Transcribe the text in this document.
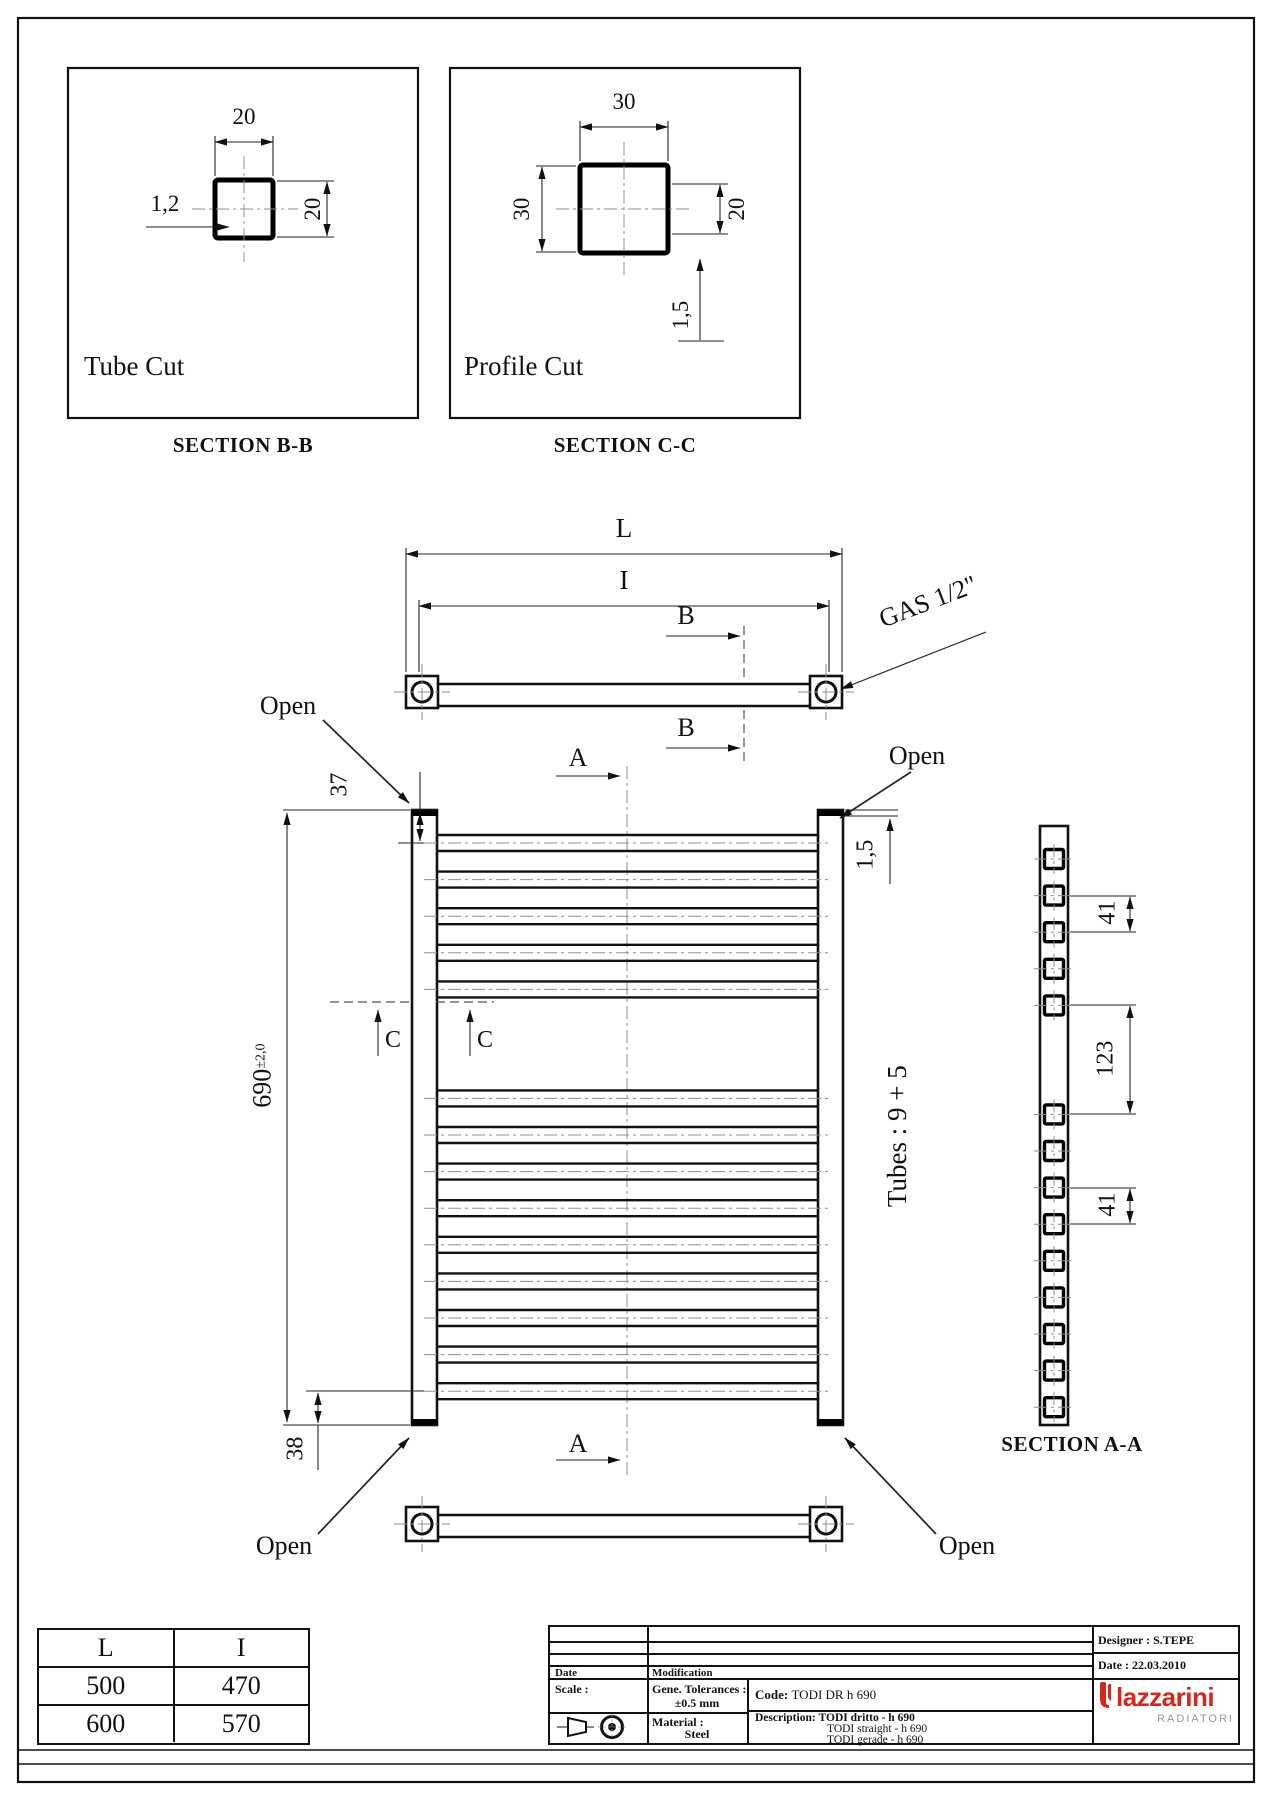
20
20
1,2
Tube Cut
SECTION B-B
30
30	20
1,5
Profile Cut
SECTION C-C
L
I
B
B
GAS 1/2"
Open
Open
A
A
C	C
$690^{\pm 2,0}$
37
38
1,5
Tubes : 9 + 5
Open	Open
41
123
41
SECTION A-A
L	I
500	470
600	570
Date	Modification
Scale :	Gene. Tolerances :
±0.5 mm
Material :
Steel
Code: TODI DR h 690
Description: TODI dritto - h 690
TODI straight - h 690
TODI gerade - h 690
Designer : S.TEPE
Date : 22.03.2010
lazzarini
RADIATORI
